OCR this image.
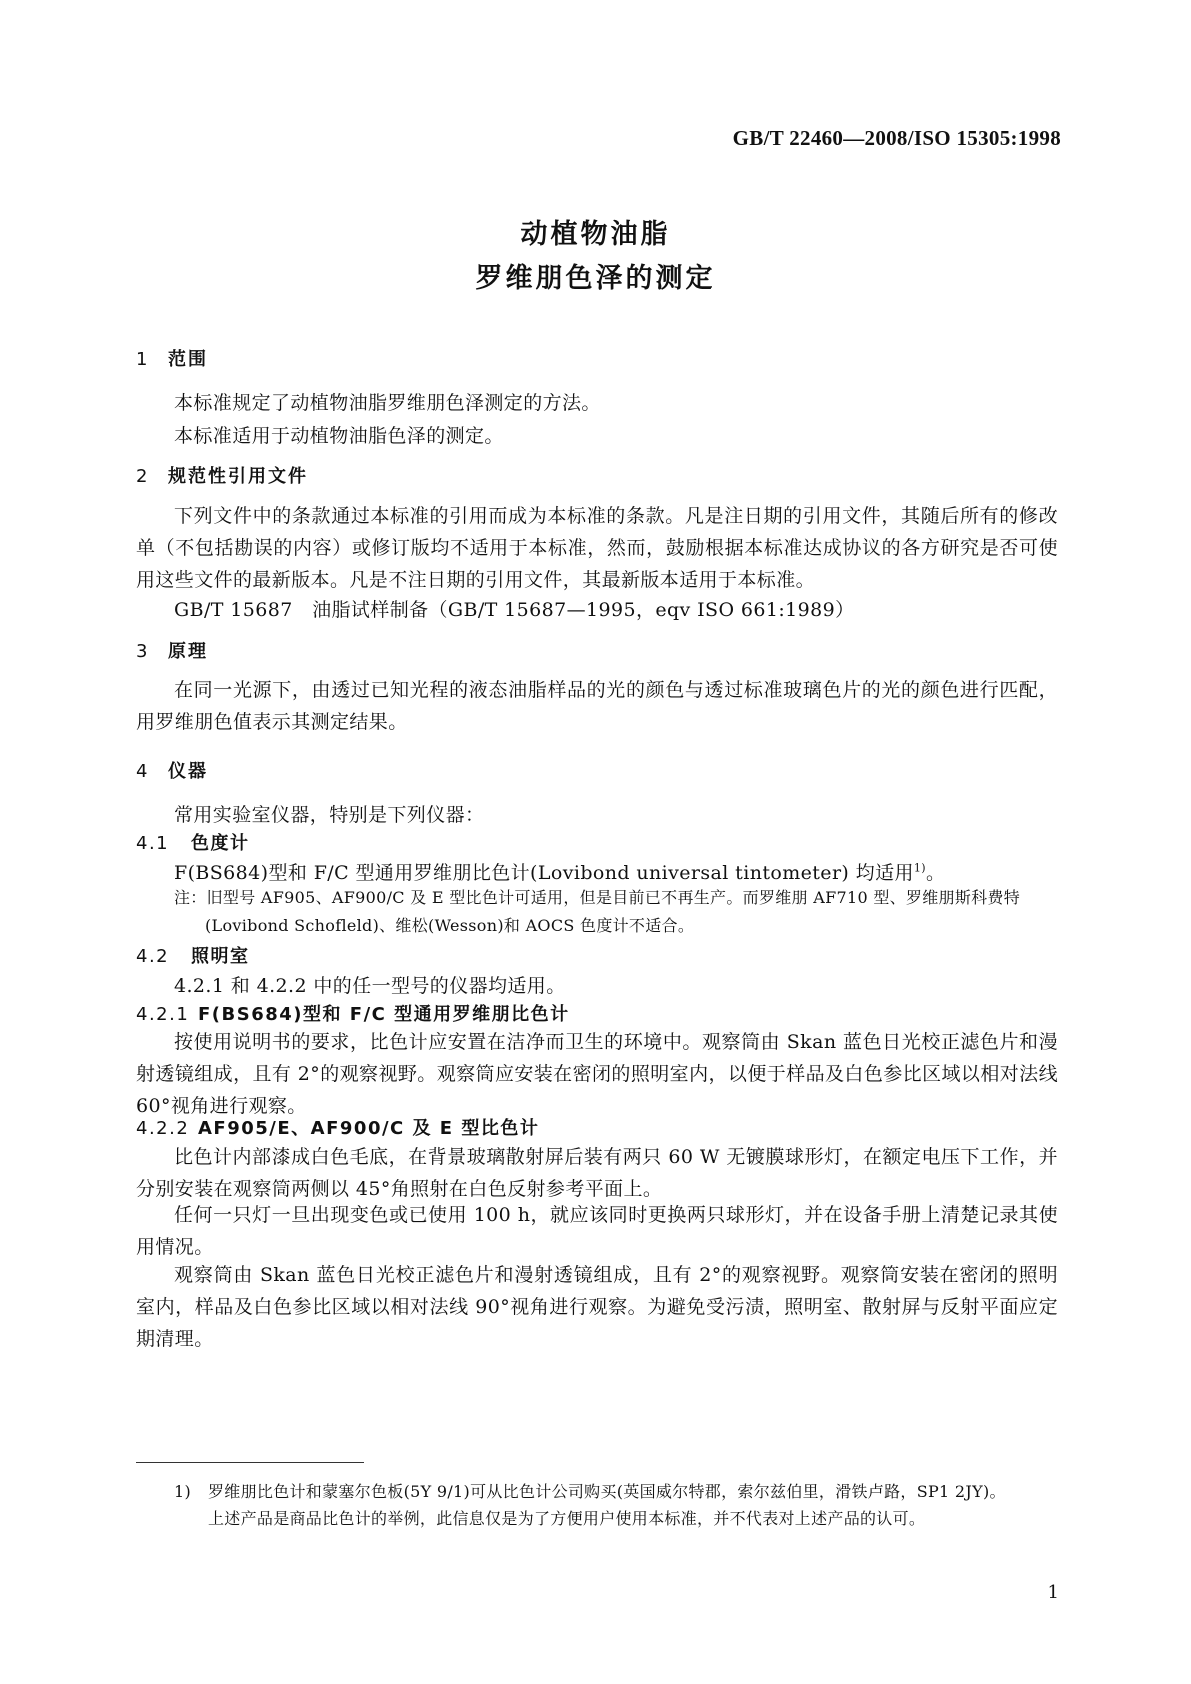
GB/T 22460—2008/ISO 15305:1998
动植物油脂
罗维朋色泽的测定
1 范围
本标准规定了动植物油脂罗维朋色泽测定的方法。
本标准适用于动植物油脂色泽的测定。
2 规范性引用文件
下列文件中的条款通过本标准的引用而成为本标准的条款。凡是注日期的引用文件，其随后所有的修改单（不包括勘误的内容）或修订版均不适用于本标准，然而，鼓励根据本标准达成协议的各方研究是否可使用这些文件的最新版本。凡是不注日期的引用文件，其最新版本适用于本标准。
GB/T 15687　油脂试样制备（GB/T 15687—1995，eqv ISO 661:1989）
3 原理
在同一光源下，由透过已知光程的液态油脂样品的光的颜色与透过标准玻璃色片的光的颜色进行匹配，用罗维朋色值表示其测定结果。
4 仪器
常用实验室仪器，特别是下列仪器：
4.1 色度计
F(BS684)型和 F/C 型通用罗维朋比色计(Lovibond universal tintometer) 均适用$^{1)}$。
注：旧型号 AF905、AF900/C 及 E 型比色计可适用，但是目前已不再生产。而罗维朋 AF710 型、罗维朋斯科费特
(Lovibond Schofleld)、维松(Wesson)和 AOCS 色度计不适合。
4.2 照明室
4.2.1 和 4.2.2 中的任一型号的仪器均适用。
4.2.1 F(BS684)型和 F/C 型通用罗维朋比色计
按使用说明书的要求，比色计应安置在洁净而卫生的环境中。观察筒由 Skan 蓝色日光校正滤色片和漫射透镜组成，且有 2°的观察视野。观察筒应安装在密闭的照明室内，以便于样品及白色参比区域以相对法线 60°视角进行观察。
4.2.2 AF905/E、AF900/C 及 E 型比色计
比色计内部漆成白色毛底，在背景玻璃散射屏后装有两只 60 W 无镀膜球形灯，在额定电压下工作，并分别安装在观察筒两侧以 45°角照射在白色反射参考平面上。
任何一只灯一旦出现变色或已使用 100 h，就应该同时更换两只球形灯，并在设备手册上清楚记录其使用情况。
观察筒由 Skan 蓝色日光校正滤色片和漫射透镜组成，且有 2°的观察视野。观察筒安装在密闭的照明室内，样品及白色参比区域以相对法线 90°视角进行观察。为避免受污渍，照明室、散射屏与反射平面应定期清理。
1) 罗维朋比色计和蒙塞尔色板(5Y 9/1)可从比色计公司购买(英国威尔特郡，索尔兹伯里，滑铁卢路，SP1 2JY)。
上述产品是商品比色计的举例，此信息仅是为了方便用户使用本标准，并不代表对上述产品的认可。
1
